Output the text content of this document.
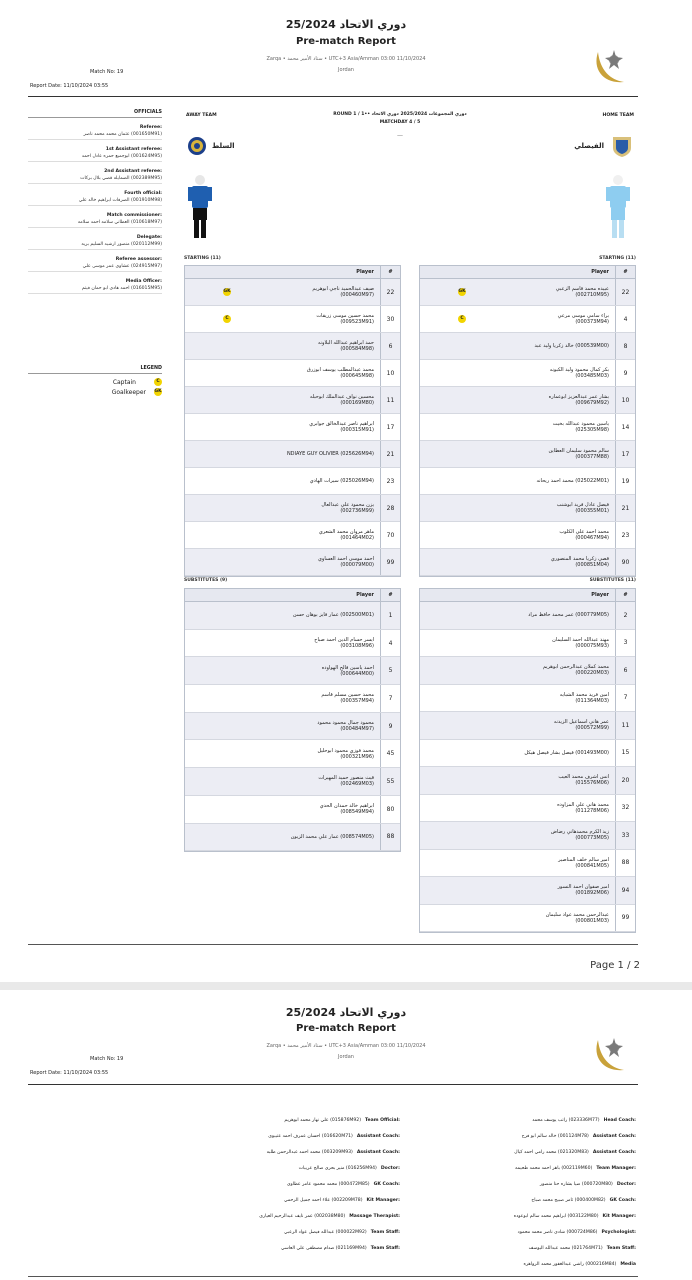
دوري الاتحاد 25/2024
Pre-match Report
Zarqa • ستاد الأمير محمد • UTC+3 Asia/Amman 03:00 11/10/2024
Jordan
Match No: 19
Report Date: 11/10/2024 03:55
OFFICIALS
Referee:
عثمان محمد محمد ناصر (001650M91)
1st Assistant referee:
ابوجميع حمزه عادل احمد (001624M95)
2nd Assistant referee:
الضمايله قصي بلال بركات (002389M95)
Fourth official:
الصرفات ابراهيم خالد علي (001910M98)
Match commissioner:
العطاني سلامه احمد سلامه (010618M97)
Delegate:
منصور ارشيد السليم بريه (020112M99)
Referee assessor:
عشاوي عمر موسى علي (024915M97)
Media Officer:
احمد هادي ابو حمان فيتم (016015M95)
LEGEND
Captain	C
Goalkeeper GK
AWAY TEAM	HOME TEAM
ROUND 1 / 1•• دوري المجموعات 2025/2024 دوري الاتحاد
MATCHDAY 4 / 5
—
السلط	الفيصلي
STARTING (11)	STARTING (11)
Player	#
صيف عبدالحميد ناجي ابوهريم
(000460M97)
GK	22
محمد حسين موسى زريقات
(009523M91)
C	30
حمد ابراهيم عبدالله البلاونه
(000584M98)	6
محمد عبدالمطلب يوسف ابوزرق
(000645M98)	10
محسين نواف عبدالملك ابوحبله
(000169M80)	11
ابراهيم ناصر عبدالخالق جوابري
(000315M91)	17
NDIAYE GUY OLIVIER (025626M94)	21
سيرات الهادي (025026M94)	23
يزن محمود علي عبدالعال
(002736M99)	28
ماهر مروان محمد الشعري
(001464M02)	70
احمد موسى احمد العساوي
(000079M00)	99
Player	#
عبيده محمد قاسم الزعبي
(002710M95)
GK	22
براء سامي موسى مرعي
(000373M94)
C	4
خالد زكريا وليد عبد (000539M00)	8
بكر كمال محمود وليد الكبونه
(003485M03)	9
بشار عمر عبدالعزيز ابوعماره
(009679M92)	10
ياسين محمود عبدالله بخيت
(025305M98)	14
سالم محمود سليمان العطاين
(000377M88)	17
محمد احمد ريحانه (025022M01)	19
فيصل عادل فريد ابوشنب
(000355M01)	21
محمد احمد علي الكلوب
(000467M94)	23
قصي زكريا محمد المنصوري
(000851M04)	90
SUBSTITUTES (9)	SUBSTITUTES (11)
Player	#
عمار فايز بوهان حسن (002500M01)	1
ايسر حسام الدين احمد صباح
(003108M96)	4
احمد ياسين فالح الهواوده
(000644M00)	5
محمد حسين مسلم قاسم
(000357M94)	7
محمود جمال محمود محمود
(000484M97)	9
محمد فوزي محمود ابوحليل
(000321M96)	45
قيث منصور حميد المهيرات
(002469M03)	55
ابراهيم خالد حمدان الحدي
(008549M94)	80
عمار علي محمد الزيون (008574M05)	88
Player	#
عمر محمد حافظ مراد (000779M05)	2
مهند عبدالله احمد السليمان
(000075M93)	3
محمد كملان عبدالرحمن ابوهريم
(000220M03)	6
امين فريد محمد الشبايه
(011364M03)	7
عمر هاني اسماعيل الزيدنه
(000572M99)	11
فيصل بشار فيصل هيكل (001493M00)	15
انس اشرف محمد العيب
(015576M06)	20
محمد هاني علي المزاوده
(011278M06)	32
زيد الكرم محمدهاني رضاض
(000773M05)	33
امير سالم خلف المناصير
(000841M05)	88
امير صفوان احمد النسور
(001892M06)	94
عبدالرحمن محمد عواد سليمان
(000801M03)	99
Page 1 / 2
دوري الاتحاد 25/2024
Pre-match Report
Zarqa • ستاد الأمير محمد • UTC+3 Asia/Amman 03:00 11/10/2024
Jordan
Match No: 19
Report Date: 11/10/2024 03:55
علي نهار محمد ابوهزيم (015876M92) Team Official:
احسان عمرف احمد عتيبوي (016620M71) Assistant Coach:
محمد احمد عبدالرحمن طلبه (003209M93) Assistant Coach:
منير بحري صالح عريبات (016256M94) Doctor:
محمد محمود عامر عظاوي (000472M85) GK Coach:
علاء احمد جميل الرحمي (002209M78) Kit Manager:
عمر نايف عبدالرحيم العياري (002038M80) Massage Therapist:
عبدالله فيصل عواد الزعبي (000022M92) Team Staff:
صدام مصطفى علي العاسي (021169M94) Team Staff:
راتب يوسف محمد (023336M77) Head Coach:
خالد سالم ابو فرح (001124M78) Assistant Coach:
محمد رامي احمد كيال (021320M83) Assistant Coach:
باهر احمد محمد طحيمه (002119M60) Team Manager:
ضيا بشاره حنا منصور (000720M80) Doctor:
ثامر صبيح محمد صباح (000400M82) GK Coach:
ابراهيم محمد سالم ابوعوده (003122M80) Kit Manager:
شادي ناصر محمد محمود (000724M86) Psychologist:
محمد عبدالله اليوسف (021764M71) Team Staff:
راشي عبدالغفور محمد الرواهره (000216M84) Media
